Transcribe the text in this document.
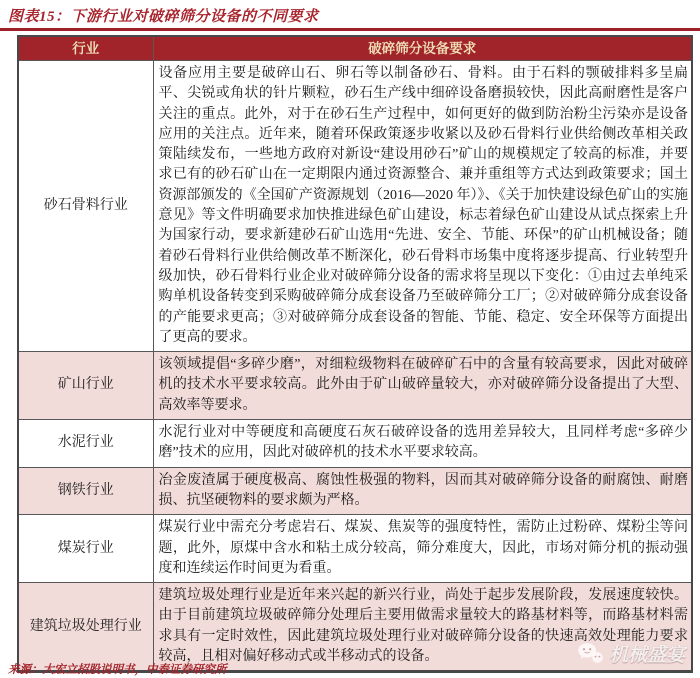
图表15：下游行业对破碎筛分设备的不同要求
行业	破碎筛分设备要求
砂石骨料行业	设备应用主要是破碎山石、卵石等以制备砂石、骨料。由于石料的颚破排料多呈扁平、尖锐或角状的针片颗粒，砂石生产线中细碎设备磨损较快，因此高耐磨性是客户关注的重点。此外，对于在砂石生产过程中，如何更好的做到防治粉尘污染亦是设备应用的关注点。近年来，随着环保政策逐步收紧以及砂石骨料行业供给侧改革相关政策陆续发布，一些地方政府对新设“建设用砂石”矿山的规模规定了较高的标准，并要求已有的砂石矿山在一定期限内通过资源整合、兼并重组等方式达到政策要求；国土资源部颁发的《全国矿产资源规划（2016—2020 年）》、《关于加快建设绿色矿山的实施意见》等文件明确要求加快推进绿色矿山建设，标志着绿色矿山建设从试点探索上升为国家行动，要求新建砂石矿山选用“先进、安全、节能、环保”的矿山机械设备；随着砂石骨料行业供给侧改革不断深化，砂石骨料市场集中度将逐步提高、行业转型升级加快，砂石骨料行业企业对破碎筛分设备的需求将呈现以下变化：①由过去单纯采购单机设备转变到采购破碎筛分成套设备乃至破碎筛分工厂；②对破碎筛分成套设备的产能要求更高；③对破碎筛分成套设备的智能、节能、稳定、安全环保等方面提出了更高的要求。
矿山行业	该领域提倡“多碎少磨”，对细粒级物料在破碎矿石中的含量有较高要求，因此对破碎机的技术水平要求较高。此外由于矿山破碎量较大，亦对破碎筛分设备提出了大型、高效率等要求。
水泥行业	水泥行业对中等硬度和高硬度石灰石破碎设备的选用差异较大，且同样考虑“多碎少磨”技术的应用，因此对破碎机的技术水平要求较高。
钢铁行业	冶金废渣属于硬度极高、腐蚀性极强的物料，因而其对破碎筛分设备的耐腐蚀、耐磨损、抗坚硬物料的要求颇为严格。
煤炭行业	煤炭行业中需充分考虑岩石、煤炭、焦炭等的强度特性，需防止过粉碎、煤粉尘等问题，此外，原煤中含水和粘土成分较高，筛分难度大，因此，市场对筛分机的振动强度和连续运作时间更为看重。
建筑垃圾处理行业	建筑垃圾处理行业是近年来兴起的新兴行业，尚处于起步发展阶段，发展速度较快。由于目前建筑垃圾破碎筛分处理后主要用做需求量较大的路基材料等，而路基材料需求具有一定时效性，因此建筑垃圾处理行业对破碎筛分设备的快速高效处理能力要求较高，且相对偏好移动式或半移动式的设备。	机械盛宴
来源：大宏立招股说明书，中泰证券研究所
